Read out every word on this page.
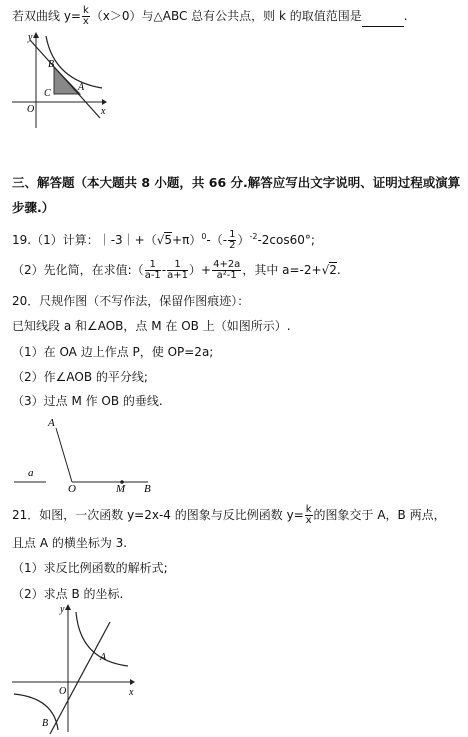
若双曲线 $y= \frac{k}{x} (x>0)$与△ABC 总有公共点，则 k 的取值范围是	.
y
x
O
B
C
A
三、解答题（本大题共 8 小题，共 66 分.解答应写出文字说明、证明过程或演算
步骤.）
19.（1）计算：$|-3|+(√5+\pi)^0-(- \frac{1}{2} )^{-2}-2\cos 60^\circ$;
（2）先化简，在求值:（ $\frac{1}{a-1} - \frac{1}{a+1}$ ）+ $\frac{4+2a}{\text{a²-1}}$ ，其中 a=-2+√2.
20．尺规作图（不写作法，保留作图痕迹）：
已知线段 a 和∠AOB，点 M 在 OB 上（如图所示）.
（1）在 OA 边上作点 P，使 OP=2a;
（2）作∠AOB 的平分线;
（3）过点 M 作 OB 的垂线.
a
A
O	M B
21．如图，一次函数 y=2x-4 的图象与反比例函数 $y= \frac{k}{x}$ 的图象交于 A，B 两点，
且点 A 的横坐标为 3.
（1）求反比例函数的解析式;
（2）求点 B 的坐标.
y
x
O
A
B
